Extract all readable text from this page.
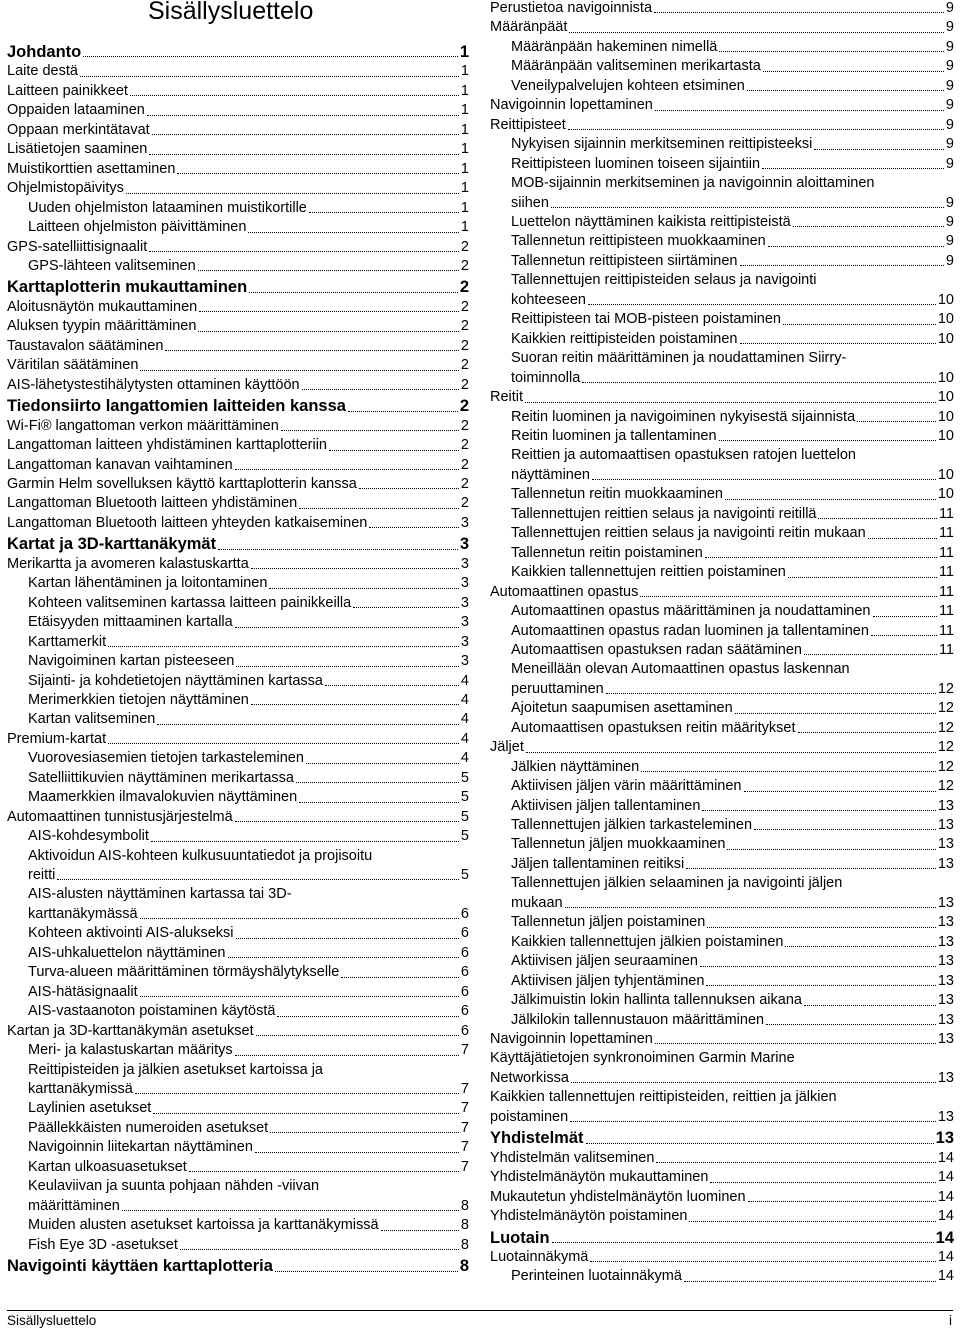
Sisällysluettelo
Johdanto	1
Laite destä	1
Laitteen painikkeet	1
Oppaiden lataaminen	1
Oppaan merkintätavat	1
Lisätietojen saaminen	1
Muistikorttien asettaminen	1
Ohjelmistopäivitys	1
Uuden ohjelmiston lataaminen muistikortille	1
Laitteen ohjelmiston päivittäminen	1
GPS-satelliittisignaalit	2
GPS-lähteen valitseminen	2
Karttaplotterin mukauttaminen	2
Aloitusnäytön mukauttaminen	2
Aluksen tyypin määrittäminen	2
Taustavalon säätäminen	2
Väritilan säätäminen	2
AIS-lähetystestihälytysten ottaminen käyttöön	2
Tiedonsiirto langattomien laitteiden kanssa	2
Wi‑Fi® langattoman verkon määrittäminen	2
Langattoman laitteen yhdistäminen karttaplotteriin	2
Langattoman kanavan vaihtaminen	2
Garmin Helm sovelluksen käyttö karttaplotterin kanssa	2
Langattoman Bluetooth laitteen yhdistäminen	2
Langattoman Bluetooth laitteen yhteyden katkaiseminen	3
Kartat ja 3D-karttanäkymät	3
Merikartta ja avomeren kalastuskartta	3
Kartan lähentäminen ja loitontaminen	3
Kohteen valitseminen kartassa laitteen painikkeilla	3
Etäisyyden mittaaminen kartalla	3
Karttamerkit	3
Navigoiminen kartan pisteeseen	3
Sijainti- ja kohdetietojen näyttäminen kartassa	4
Merimerkkien tietojen näyttäminen	4
Kartan valitseminen	4
Premium-kartat	4
Vuorovesiasemien tietojen tarkasteleminen	4
Satelliittikuvien näyttäminen merikartassa	5
Maamerkkien ilmavalokuvien näyttäminen	5
Automaattinen tunnistusjärjestelmä	5
AIS-kohdesymbolit	5
Aktivoidun AIS-kohteen kulkusuuntatiedot ja projisoitu
reitti	5
AIS-alusten näyttäminen kartassa tai 3D-
karttanäkymässä	6
Kohteen aktivointi AIS-alukseksi	6
AIS-uhkaluettelon näyttäminen	6
Turva-alueen määrittäminen törmäyshälytykselle	6
AIS-hätäsignaalit	6
AIS-vastaanoton poistaminen käytöstä	6
Kartan ja 3D-karttanäkymän asetukset	6
Meri- ja kalastuskartan määritys	7
Reittipisteiden ja jälkien asetukset kartoissa ja
karttanäkymissä	7
Laylinien asetukset	7
Päällekkäisten numeroiden asetukset	7
Navigoinnin liitekartan näyttäminen	7
Kartan ulkoasuasetukset	7
Keulaviivan ja suunta pohjaan nähden -viivan
määrittäminen	8
Muiden alusten asetukset kartoissa ja karttanäkymissä	8
Fish Eye 3D -asetukset	8
Navigointi käyttäen karttaplotteria	8
Perustietoa navigoinnista	9
Määränpäät	9
Määränpään hakeminen nimellä	9
Määränpään valitseminen merikartasta	9
Veneilypalvelujen kohteen etsiminen	9
Navigoinnin lopettaminen	9
Reittipisteet	9
Nykyisen sijainnin merkitseminen reittipisteeksi	9
Reittipisteen luominen toiseen sijaintiin	9
MOB-sijainnin merkitseminen ja navigoinnin aloittaminen
siihen	9
Luettelon näyttäminen kaikista reittipisteistä	9
Tallennetun reittipisteen muokkaaminen	9
Tallennetun reittipisteen siirtäminen	9
Tallennettujen reittipisteiden selaus ja navigointi
kohteeseen	10
Reittipisteen tai MOB-pisteen poistaminen	10
Kaikkien reittipisteiden poistaminen	10
Suoran reitin määrittäminen ja noudattaminen Siirry-
toiminnolla	10
Reitit	10
Reitin luominen ja navigoiminen nykyisestä sijainnista	10
Reitin luominen ja tallentaminen	10
Reittien ja automaattisen opastuksen ratojen luettelon
näyttäminen	10
Tallennetun reitin muokkaaminen	10
Tallennettujen reittien selaus ja navigointi reitillä	11
Tallennettujen reittien selaus ja navigointi reitin mukaan	11
Tallennetun reitin poistaminen	11
Kaikkien tallennettujen reittien poistaminen	11
Automaattinen opastus	11
Automaattinen opastus määrittäminen ja noudattaminen	11
Automaattinen opastus radan luominen ja tallentaminen	11
Automaattisen opastuksen radan säätäminen	11
Meneillään olevan Automaattinen opastus laskennan
peruuttaminen	12
Ajoitetun saapumisen asettaminen	12
Automaattisen opastuksen reitin määritykset	12
Jäljet	12
Jälkien näyttäminen	12
Aktiivisen jäljen värin määrittäminen	12
Aktiivisen jäljen tallentaminen	13
Tallennettujen jälkien tarkasteleminen	13
Tallennetun jäljen muokkaaminen	13
Jäljen tallentaminen reitiksi	13
Tallennettujen jälkien selaaminen ja navigointi jäljen
mukaan	13
Tallennetun jäljen poistaminen	13
Kaikkien tallennettujen jälkien poistaminen	13
Aktiivisen jäljen seuraaminen	13
Aktiivisen jäljen tyhjentäminen	13
Jälkimuistin lokin hallinta tallennuksen aikana	13
Jälkilokin tallennustauon määrittäminen	13
Navigoinnin lopettaminen	13
Käyttäjätietojen synkronoiminen Garmin Marine
Networkissa	13
Kaikkien tallennettujen reittipisteiden, reittien ja jälkien
poistaminen	13
Yhdistelmät	13
Yhdistelmän valitseminen	14
Yhdistelmänäytön mukauttaminen	14
Mukautetun yhdistelmänäytön luominen	14
Yhdistelmänäytön poistaminen	14
Luotain	14
Luotainnäkymä	14
Perinteinen luotainnäkymä	14
Sisällysluettelo	i
